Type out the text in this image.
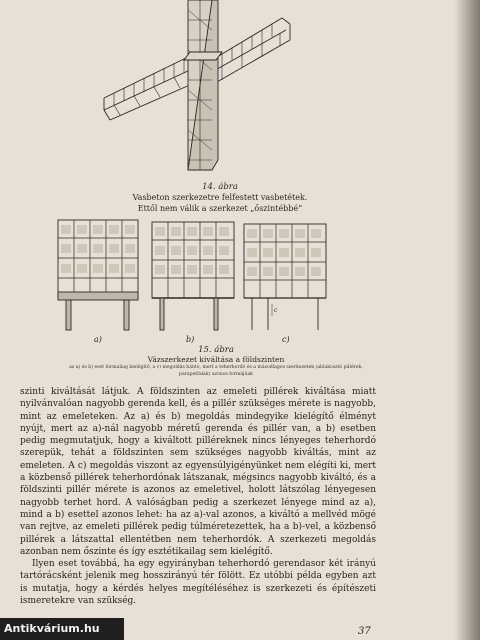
14. ábra
Vasbeton szerkezetre felfestett vasbetétek.
Ettől nem válik a szerkezet „őszintébbé”
a)	b)	c)
c
15. ábra
Vázszerkezet kiváltása a földszinten
az a) és b) eset formailag kielégítő, a c) megoldás bántó, mert a teherhordó és a másodlagos szerkezetek (ablakosztó pillérek,
parapetfalak) azonos formájúak

szinti kiváltását látjuk. A földszinten az emeleti pillérek kiváltása miatt nyilvánvalóan nagyobb gerenda kell, és a pillér szükséges mérete is nagyobb, mint az emeleteken. Az a) és b) megoldás mindegyike kielégítő élményt nyújt, mert az a)-nál nagyobb méretű gerenda és pillér van, a b) esetben pedig megmutatjuk, hogy a kiváltott pilléreknek nincs lényeges teherhordó szerepük, tehát a földszinten sem szükséges nagyobb kiváltás, mint az emeleten. A c) megoldás viszont az egyensúlyigényünket nem elégíti ki, mert a közbenső pillérek teherhordónak látszanak, mégsincs nagyobb kiváltó, és a földszinti pillér mérete is azonos az emeletivel, holott látszólag lényegesen nagyobb terhet hord. A valóságban pedig a szerkezet lényege mind az a), mind a b) esettel azonos lehet: ha az a)-val azonos, a kiváltó a mellvéd mögé van rejtve, az emeleti pillérek pedig túlméretezettek, ha a b)-vel, a közbenső pillérek a látszattal ellentétben nem teherhordók. A szerkezeti megoldás azonban nem őszinte és így esztétikailag sem kielégítő.

Ilyen eset továbbá, ha egy egyirányban teherhordó gerendasor két irányú tartórácsként jelenik meg hosszirányú tér fölött. Ez utóbbi példa egyben azt is mutatja, hogy a kérdés helyes megítéléséhez is szerkezeti és építészeti ismeretekre van szükség.

37
Antikvárium.hu
